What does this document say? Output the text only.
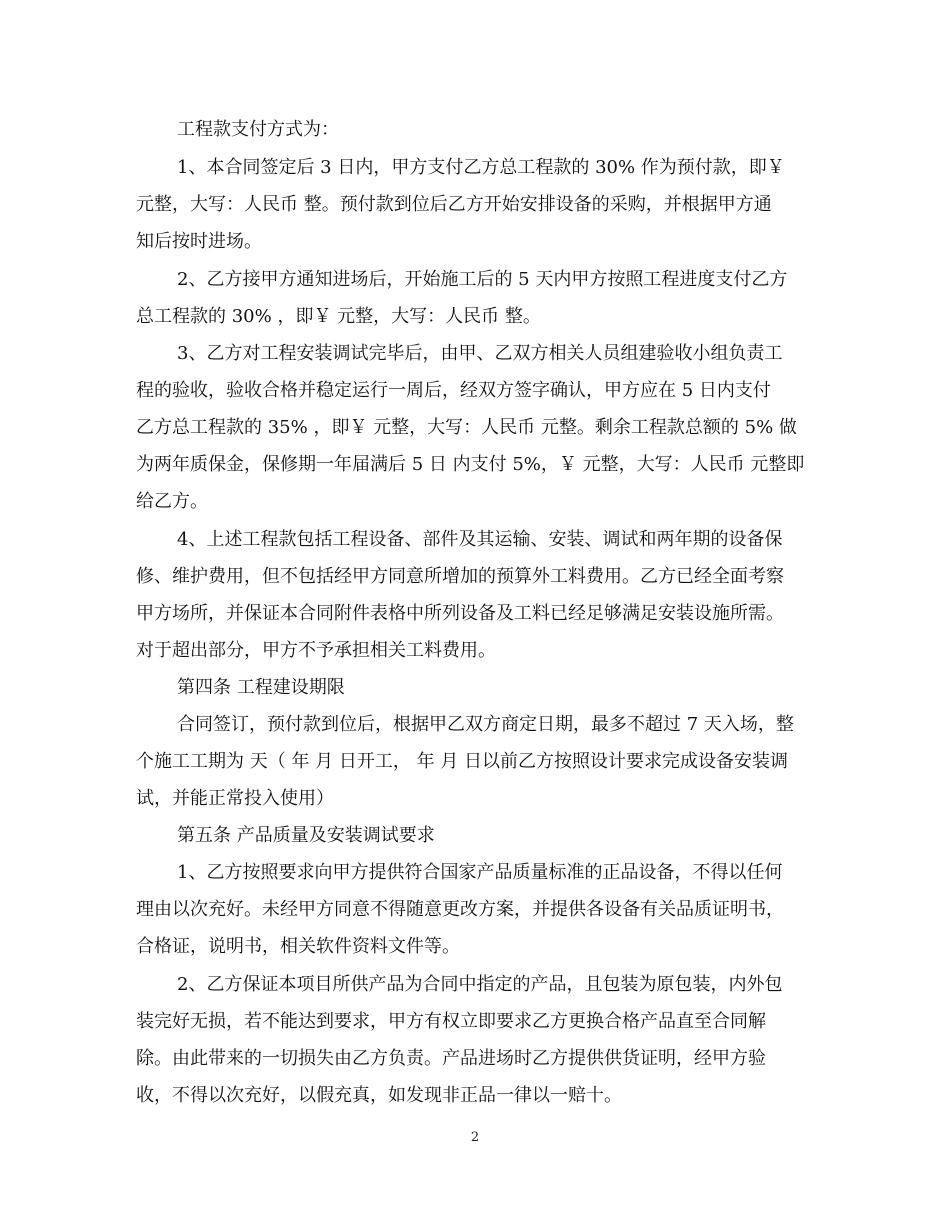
工程款支付方式为：
1、本合同签定后 3 日内，甲方支付乙方总工程款的 30% 作为预付款，即￥
元整，大写：人民币 整。预付款到位后乙方开始安排设备的采购，并根据甲方通
知后按时进场。
2、乙方接甲方通知进场后，开始施工后的 5 天内甲方按照工程进度支付乙方
总工程款的 30% ，即￥ 元整，大写：人民币 整。
3、乙方对工程安装调试完毕后，由甲、乙双方相关人员组建验收小组负责工
程的验收，验收合格并稳定运行一周后，经双方签字确认，甲方应在 5 日内支付
乙方总工程款的 35% ，即￥ 元整，大写：人民币 元整。剩余工程款总额的 5% 做
为两年质保金，保修期一年届满后 5 日 内支付 5%，￥ 元整，大写：人民币 元整即
给乙方。
4、上述工程款包括工程设备、部件及其运输、安装、调试和两年期的设备保
修、维护费用，但不包括经甲方同意所增加的预算外工料费用。乙方已经全面考察
甲方场所，并保证本合同附件表格中所列设备及工料已经足够满足安装设施所需。
对于超出部分，甲方不予承担相关工料费用。
第四条 工程建设期限
合同签订，预付款到位后，根据甲乙双方商定日期，最多不超过 7 天入场，整
个施工工期为 天（ 年 月 日开工， 年 月 日以前乙方按照设计要求完成设备安装调
试，并能正常投入使用）
第五条 产品质量及安装调试要求
1、乙方按照要求向甲方提供符合国家产品质量标准的正品设备，不得以任何
理由以次充好。未经甲方同意不得随意更改方案，并提供各设备有关品质证明书，
合格证，说明书，相关软件资料文件等。
2、乙方保证本项目所供产品为合同中指定的产品，且包装为原包装，内外包
装完好无损，若不能达到要求，甲方有权立即要求乙方更换合格产品直至合同解
除。由此带来的一切损失由乙方负责。产品进场时乙方提供供货证明，经甲方验
收，不得以次充好，以假充真，如发现非正品一律以一赔十。
2
